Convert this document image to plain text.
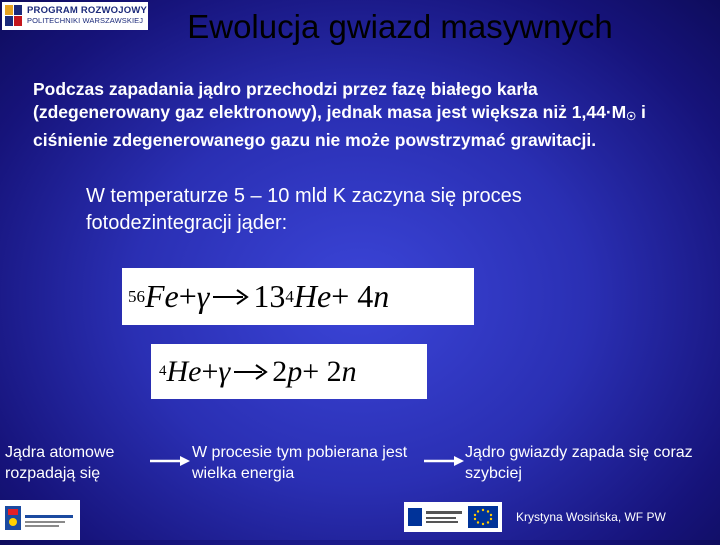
PROGRAM ROZWOJOWY
POLITECHNIKI WARSZAWSKIEJ	Ewolucja gwiazd masywnych
Podczas zapadania jądro przechodzi przez fazę białego karła (zdegenerowany gaz elektronowy), jednak masa jest większa niż 1,44·M☉ i ciśnienie zdegenerowanego gazu nie może powstrzymać grawitacji.
W temperaturze 5 – 10 mld K zaczyna się proces fotodezintegracji jąder:
56 Fe + γ → 13 4 He + 4 n
4 He + γ → 2 p + 2 n
Jądra atomowe rozpadają się
W procesie tym pobierana jest wielka energia
Jądro gwiazdy zapada się coraz szybciej
Krystyna Wosińska, WF PW
